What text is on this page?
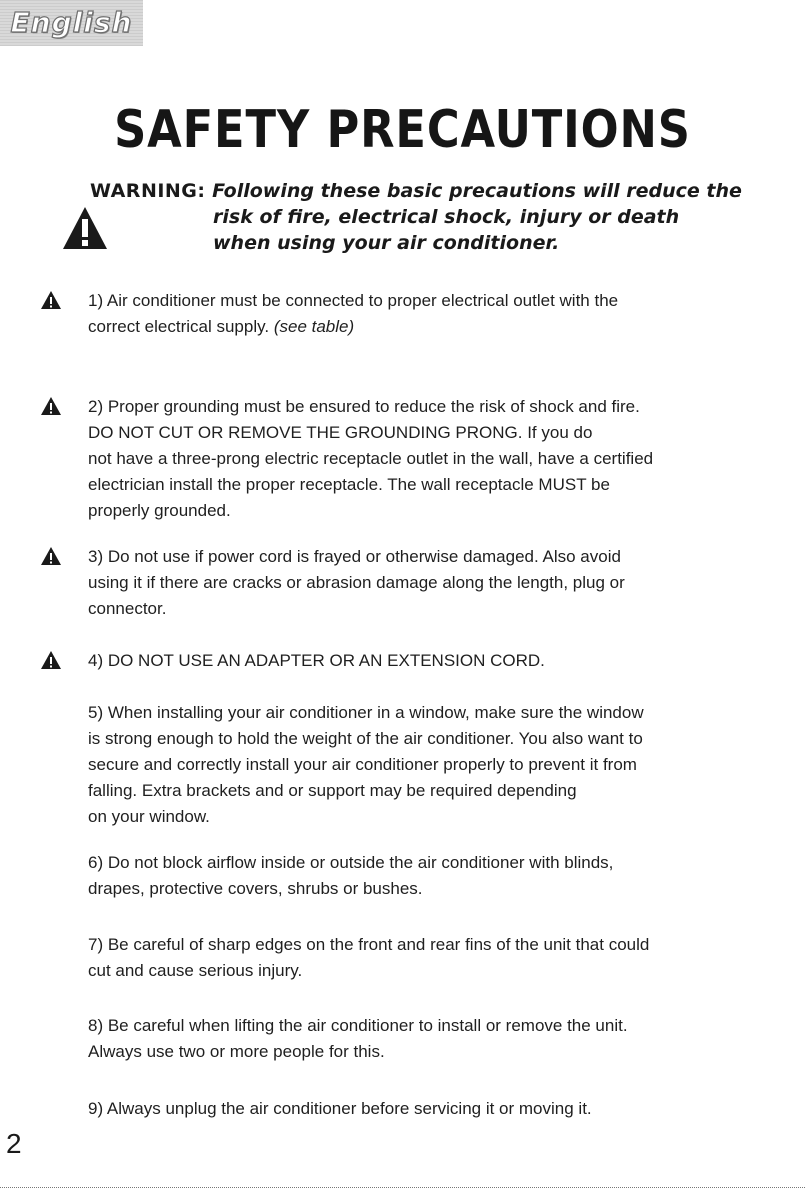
English
SAFETY PRECAUTIONS
WARNING: Following these basic precautions will reduce the
risk of fire, electrical shock, injury or death
when using your air conditioner.

1) Air conditioner must be connected to proper electrical outlet with the

correct electrical supply. (see table)

2) Proper grounding must be ensured to reduce the risk of shock and fire.

DO NOT CUT OR REMOVE THE GROUNDING PRONG. If you do

not have a three-prong electric receptacle outlet in the wall, have a certified

electrician install the proper receptacle. The wall receptacle MUST be

properly grounded.

3) Do not use if power cord is frayed or otherwise damaged. Also avoid

using it if there are cracks or abrasion damage along the length, plug or

connector.

4) DO NOT USE AN ADAPTER OR AN EXTENSION CORD.

5) When installing your air conditioner in a window, make sure the window

is strong enough to hold the weight of the air conditioner. You also want to

secure and correctly install your air conditioner properly to prevent it from

falling. Extra brackets and or support may be required depending

on your window.

6) Do not block airflow inside or outside the air conditioner with blinds,

drapes, protective covers, shrubs or bushes.

7) Be careful of sharp edges on the front and rear fins of the unit that could

cut and cause serious injury.

8) Be careful when lifting the air conditioner to install or remove the unit.

Always use two or more people for this.

9) Always unplug the air conditioner before servicing it or moving it.

2
